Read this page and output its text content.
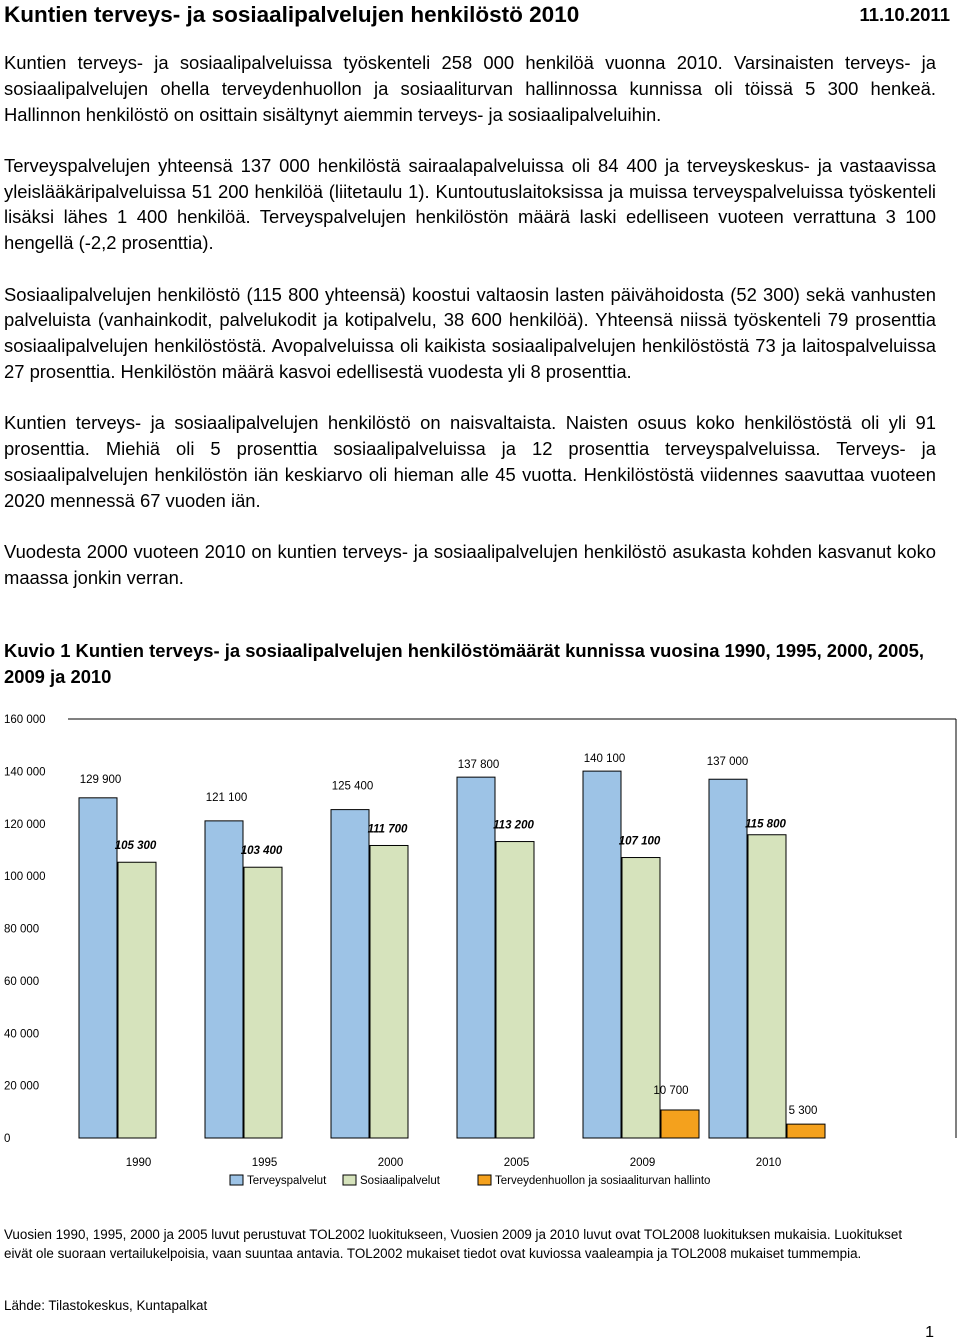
Kuntien terveys- ja sosiaalipalvelujen henkilöstö 2010	11.10.2011

Kuntien terveys- ja sosiaalipalveluissa työskenteli 258 000 henkilöä vuonna 2010. Varsinaisten terveys- ja sosiaalipalvelujen ohella terveydenhuollon ja sosiaaliturvan hallinnossa kunnissa oli töissä 5 300 henkeä. Hallinnon henkilöstö on osittain sisältynyt aiemmin terveys- ja sosiaalipalveluihin.

Terveyspalvelujen yhteensä 137 000 henkilöstä sairaalapalveluissa oli 84 400 ja terveyskeskus- ja vastaavissa yleislääkäripalveluissa 51 200 henkilöä (liitetaulu 1). Kuntoutuslaitoksissa ja muissa terveyspalveluissa työskenteli lisäksi lähes 1 400 henkilöä. Terveyspalvelujen henkilöstön määrä laski edelliseen vuoteen verrattuna 3 100 hengellä (-2,2 prosenttia).

Sosiaalipalvelujen henkilöstö (115 800 yhteensä) koostui valtaosin lasten päivähoidosta (52 300) sekä vanhusten palveluista (vanhainkodit, palvelukodit ja kotipalvelu, 38 600 henkilöä). Yhteensä niissä työskenteli 79 prosenttia sosiaalipalvelujen henkilöstöstä. Avopalveluissa oli kaikista sosiaalipalvelujen henkilöstöstä 73 ja laitospalveluissa 27 prosenttia. Henkilöstön määrä kasvoi edellisestä vuodesta yli 8 prosenttia.

Kuntien terveys- ja sosiaalipalvelujen henkilöstö on naisvaltaista. Naisten osuus koko henkilöstöstä oli yli 91 prosenttia. Miehiä oli 5 prosenttia sosiaalipalveluissa ja 12 prosenttia terveyspalveluissa. Terveys- ja sosiaalipalvelujen henkilöstön iän keskiarvo oli hieman alle 45 vuotta. Henkilöstöstä viidennes saavuttaa vuoteen 2020 mennessä 67 vuoden iän.

Vuodesta 2000 vuoteen 2010 on kuntien terveys- ja sosiaalipalvelujen henkilöstö asukasta kohden kasvanut koko maassa jonkin verran.

Kuvio 1 Kuntien terveys- ja sosiaalipalvelujen henkilöstömäärät kunnissa vuosina 1990, 1995, 2000, 2005, 2009 ja 2010
0
20 000
40 000
60 000
80 000
100 000
120 000
140 000
160 000
129 900
105 300
1990
121 100
103 400
1995
125 400
111 700
2000
137 800
113 200
2005
140 100
107 100
10 700
2009
137 000
115 800
5 300
2010
Terveyspalvelut	Sosiaalipalvelut	Terveydenhuollon ja sosiaaliturvan hallinto
Vuosien 1990, 1995, 2000 ja 2005 luvut perustuvat TOL2002 luokitukseen, Vuosien 2009 ja 2010 luvut ovat TOL2008 luokituksen mukaisia. Luokitukset eivät ole suoraan vertailukelpoisia, vaan suuntaa antavia. TOL2002 mukaiset tiedot ovat kuviossa vaaleampia ja TOL2008 mukaiset tummempia.
Lähde: Tilastokeskus, Kuntapalkat
1
